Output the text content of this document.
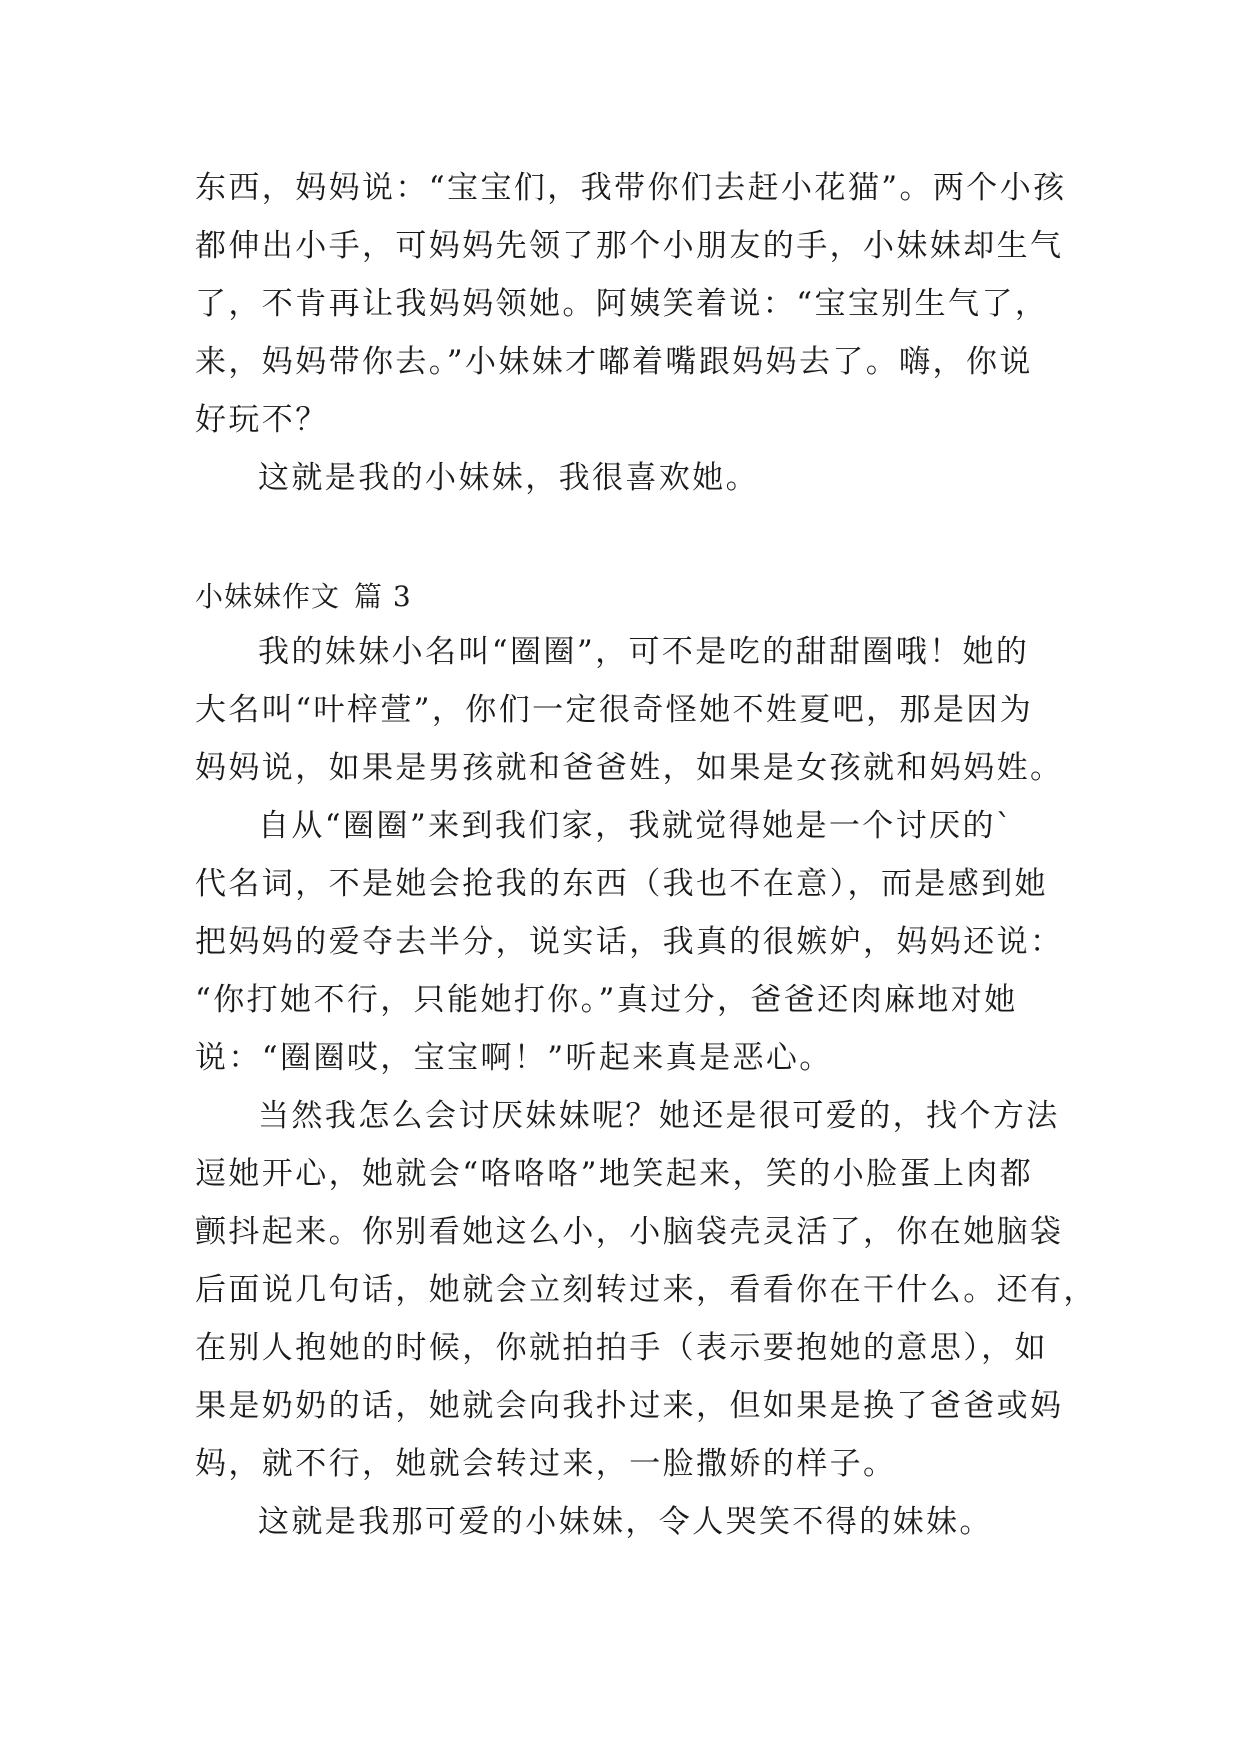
东西，妈妈说：“宝宝们，我带你们去赶小花猫”。两个小孩
都伸出小手，可妈妈先领了那个小朋友的手，小妹妹却生气
了，不肯再让我妈妈领她。阿姨笑着说：“宝宝别生气了，
来，妈妈带你去。”小妹妹才嘟着嘴跟妈妈去了。嗨，你说
好玩不？
这就是我的小妹妹，我很喜欢她。
小妹妹作文 篇 3
我的妹妹小名叫“圈圈”，可不是吃的甜甜圈哦！她的
大名叫“叶梓萱”，你们一定很奇怪她不姓夏吧，那是因为
妈妈说，如果是男孩就和爸爸姓，如果是女孩就和妈妈姓。
自从“圈圈”来到我们家，我就觉得她是一个讨厌的`
代名词，不是她会抢我的东西（我也不在意），而是感到她
把妈妈的爱夺去半分，说实话，我真的很嫉妒，妈妈还说：
“你打她不行，只能她打你。”真过分，爸爸还肉麻地对她
说：“圈圈哎，宝宝啊！”听起来真是恶心。
当然我怎么会讨厌妹妹呢？她还是很可爱的，找个方法
逗她开心，她就会“咯咯咯”地笑起来，笑的小脸蛋上肉都
颤抖起来。你别看她这么小，小脑袋壳灵活了，你在她脑袋
后面说几句话，她就会立刻转过来，看看你在干什么。还有，
在别人抱她的时候，你就拍拍手（表示要抱她的意思），如
果是奶奶的话，她就会向我扑过来，但如果是换了爸爸或妈
妈，就不行，她就会转过来，一脸撒娇的样子。
这就是我那可爱的小妹妹，令人哭笑不得的妹妹。
